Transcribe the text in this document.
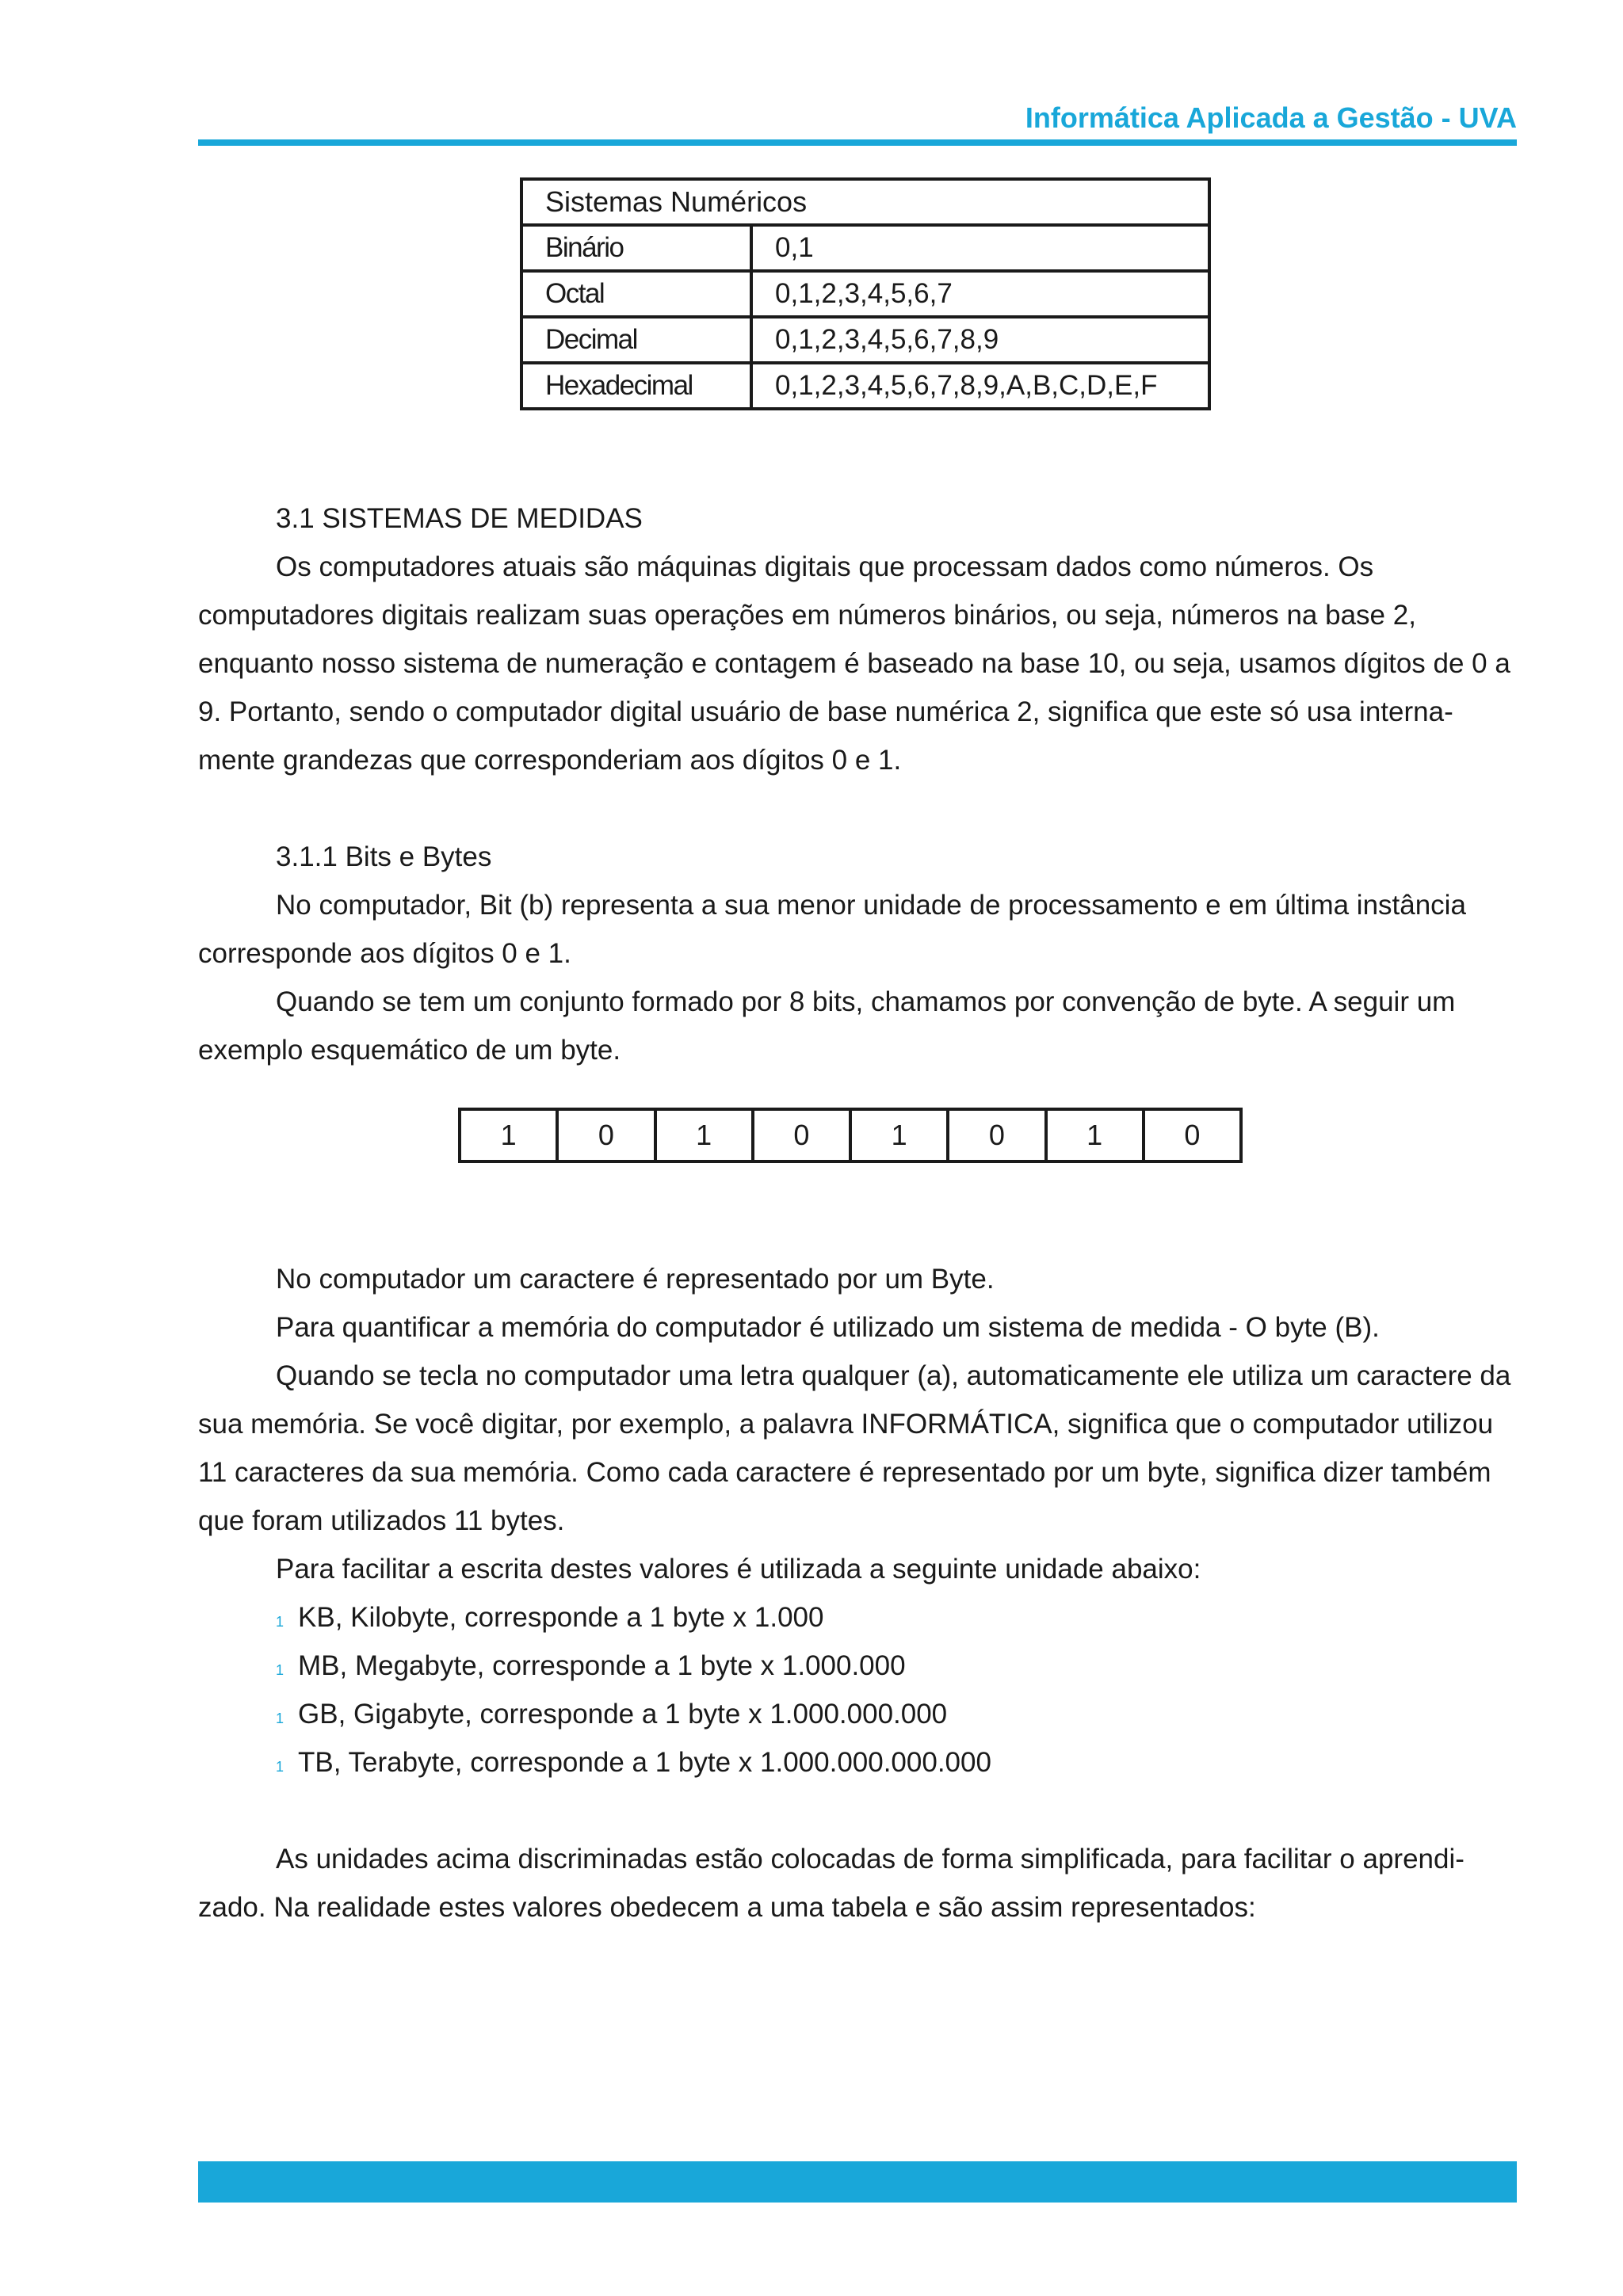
Informática Aplicada a Gestão - UVA
Sistemas Numéricos	
Binário	0,1
Octal	0,1,2,3,4,5,6,7
Decimal	0,1,2,3,4,5,6,7,8,9
Hexadecimal	0,1,2,3,4,5,6,7,8,9,A,B,C,D,E,F

3.1 SISTEMAS DE MEDIDAS

Os computadores atuais são máquinas digitais que processam dados como números. Os computadores digitais realizam suas operações em números binários, ou seja, números na base 2, enquanto nosso sistema de numeração e contagem é baseado na base 10, ou seja, usamos dígitos de 0 a 9. Portanto, sendo o computador digital usuário de base numérica 2, significa que este só usa internamente grandezas que corresponderiam aos dígitos 0 e 1.

3.1.1 Bits e Bytes

No computador, Bit (b) representa a sua menor unidade de processamento e em última instância corresponde aos dígitos 0 e 1.

Quando se tem um conjunto formado por 8 bits, chamamos por convenção de byte. A seguir um exemplo esquemático de um byte.

1	0	1	0	1	0	1	0

No computador um caractere é representado por um Byte.

Para quantificar a memória do computador é utilizado um sistema de medida - O byte (B).

Quando se tecla no computador uma letra qualquer (a), automaticamente ele utiliza um caractere da sua memória. Se você digitar, por exemplo, a palavra INFORMÁTICA, significa que o computador utilizou 11 caracteres da sua memória. Como cada caractere é representado por um byte, significa dizer também que foram utilizados 11 bytes.

Para facilitar a escrita destes valores é utilizada a seguinte unidade abaixo:

1 KB, Kilobyte, corresponde a 1 byte x 1.000
1 MB, Megabyte, corresponde a 1 byte x 1.000.000
1 GB, Gigabyte, corresponde a 1 byte x 1.000.000.000
1 TB, Terabyte, corresponde a 1 byte x 1.000.000.000.000

As unidades acima discriminadas estão colocadas de forma simplificada, para facilitar o aprendizado. Na realidade estes valores obedecem a uma tabela e são assim representados:
